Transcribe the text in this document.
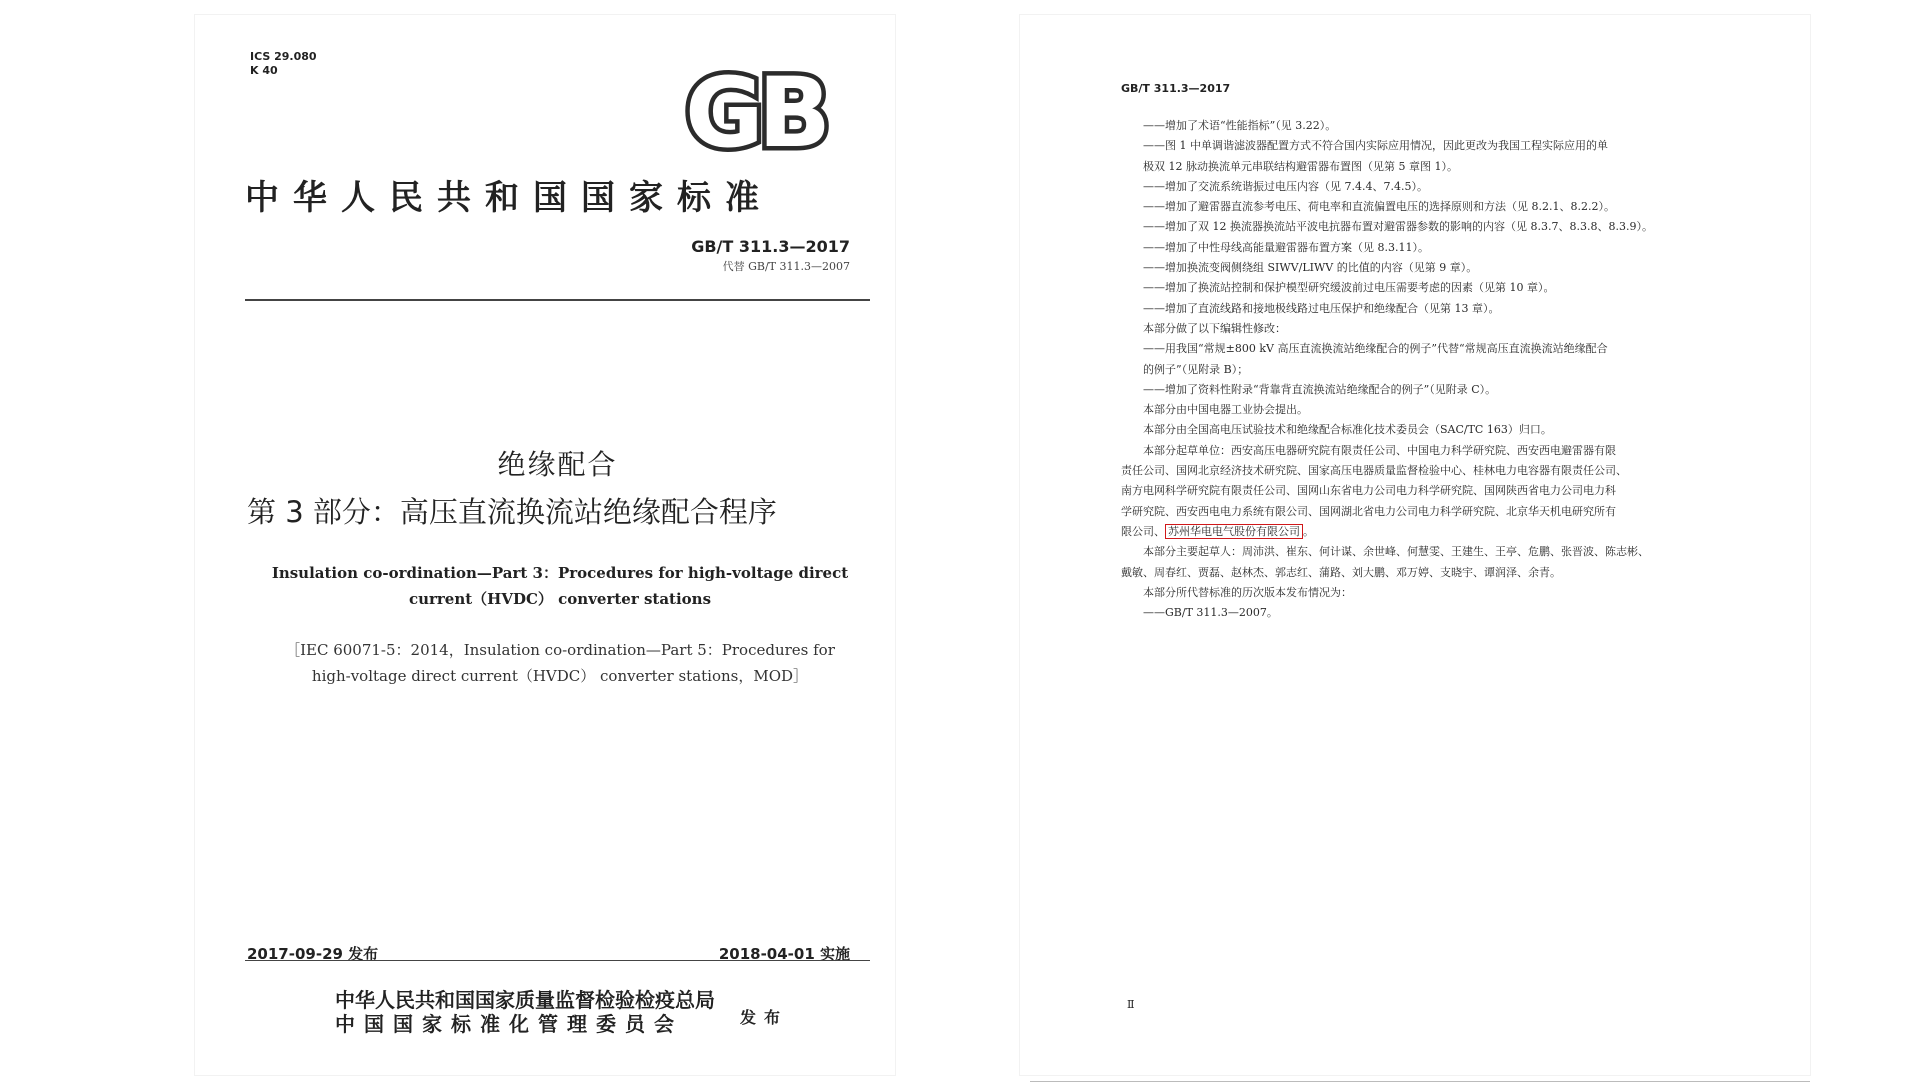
ICS 29.080
K 40	GB
中华人民共和国国家标准
GB/T 311.3—2017
代替 GB/T 311.3—2007
绝缘配合
第 3 部分：高压直流换流站绝缘配合程序
Insulation co-ordination—Part 3：Procedures for high-voltage direct
current（HVDC） converter stations
［IEC 60071-5：2014，Insulation co-ordination—Part 5：Procedures for
high-voltage direct current（HVDC） converter stations，MOD］
2017-09-29 发布	2018-04-01 实施
中华人民共和国国家质量监督检验检疫总局
中国国家标准化管理委员会	发布
GB/T 311.3—2017
——增加了术语“性能指标”（见 3.22）。
——图 1 中单调谐滤波器配置方式不符合国内实际应用情况，因此更改为我国工程实际应用的单
极双 12 脉动换流单元串联结构避雷器布置图（见第 5 章图 1）。
——增加了交流系统谐振过电压内容（见 7.4.4、7.4.5）。
——增加了避雷器直流参考电压、荷电率和直流偏置电压的选择原则和方法（见 8.2.1、8.2.2）。
——增加了双 12 换流器换流站平波电抗器布置对避雷器参数的影响的内容（见 8.3.7、8.3.8、8.3.9）。
——增加了中性母线高能量避雷器布置方案（见 8.3.11）。
——增加换流变阀侧绕组 SIWV/LIWV 的比值的内容（见第 9 章）。
——增加了换流站控制和保护模型研究缓波前过电压需要考虑的因素（见第 10 章）。
——增加了直流线路和接地极线路过电压保护和绝缘配合（见第 13 章）。
本部分做了以下编辑性修改：
——用我国“常规±800 kV 高压直流换流站绝缘配合的例子”代替“常规高压直流换流站绝缘配合
的例子”（见附录 B）；
——增加了资料性附录“背靠背直流换流站绝缘配合的例子”（见附录 C）。
本部分由中国电器工业协会提出。
本部分由全国高电压试验技术和绝缘配合标准化技术委员会（SAC/TC 163）归口。
本部分起草单位：西安高压电器研究院有限责任公司、中国电力科学研究院、西安西电避雷器有限
责任公司、国网北京经济技术研究院、国家高压电器质量监督检验中心、桂林电力电容器有限责任公司、
南方电网科学研究院有限责任公司、国网山东省电力公司电力科学研究院、国网陕西省电力公司电力科
学研究院、西安西电电力系统有限公司、国网湖北省电力公司电力科学研究院、北京华天机电研究所有
限公司、 苏州华电电气股份有限公司 。
本部分主要起草人：周沛洪、崔东、何计谋、余世峰、何慧雯、王建生、王亭、危鹏、张晋波、陈志彬、
戴敏、周春红、贾磊、赵林杰、郭志红、蒲路、刘大鹏、邓万婷、支晓宇、谭润泽、余青。
本部分所代替标准的历次版本发布情况为：
——GB/T 311.3—2007。
Ⅱ
